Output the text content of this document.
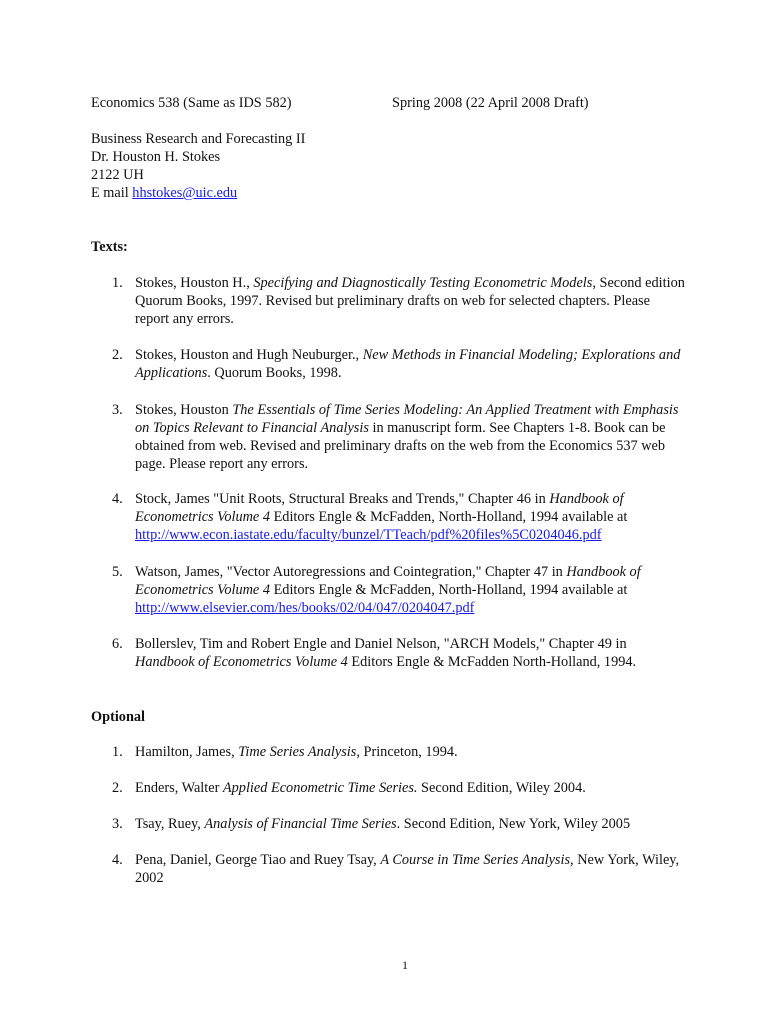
Economics 538 (Same as IDS 582)	Spring 2008 (22 April 2008 Draft)
Business Research and Forecasting II
Dr. Houston H. Stokes
2122 UH
E mail hhstokes@uic.edu
Texts:
1. Stokes, Houston H., Specifying and Diagnostically Testing Econometric Models, Second edition
Quorum Books, 1997. Revised but preliminary drafts on web for selected chapters. Please
report any errors.
2. Stokes, Houston and Hugh Neuburger., New Methods in Financial Modeling; Explorations and
Applications. Quorum Books, 1998.
3. Stokes, Houston The Essentials of Time Series Modeling: An Applied Treatment with Emphasis
on Topics Relevant to Financial Analysis in manuscript form. See Chapters 1-8. Book can be
obtained from web. Revised and preliminary drafts on the web from the Economics 537 web
page. Please report any errors.
4. Stock, James "Unit Roots, Structural Breaks and Trends," Chapter 46 in Handbook of
Econometrics Volume 4 Editors Engle & McFadden, North-Holland, 1994 available at
http://www.econ.iastate.edu/faculty/bunzel/TTeach/pdf%20files%5C0204046.pdf
5. Watson, James, "Vector Autoregressions and Cointegration," Chapter 47 in Handbook of
Econometrics Volume 4 Editors Engle & McFadden, North-Holland, 1994 available at
http://www.elsevier.com/hes/books/02/04/047/0204047.pdf
6. Bollerslev, Tim and Robert Engle and Daniel Nelson, "ARCH Models," Chapter 49 in
Handbook of Econometrics Volume 4 Editors Engle & McFadden North-Holland, 1994.
Optional
1. Hamilton, James, Time Series Analysis, Princeton, 1994.
2. Enders, Walter Applied Econometric Time Series. Second Edition, Wiley 2004.
3. Tsay, Ruey, Analysis of Financial Time Series. Second Edition, New York, Wiley 2005
4. Pena, Daniel, George Tiao and Ruey Tsay, A Course in Time Series Analysis, New York, Wiley,
2002
1
